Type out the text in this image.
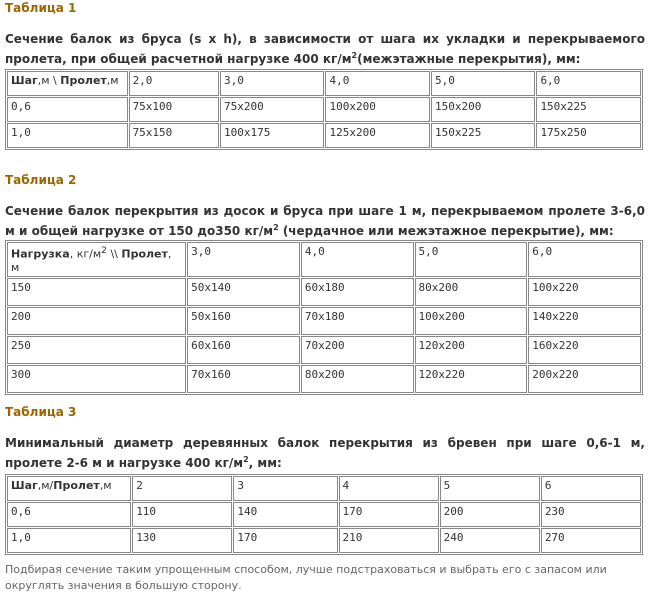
Таблица 1
Сечение балок из бруса (s x h), в зависимости от шага их укладки и перекрываемого пролета, при общей расчетной нагрузке 400 $кг/м^2(межэтажные$ перекрытия), мм:
Шаг,м \ Пролет,м	2,0	3,0	4,0	5,0	6,0
0,6	75x100	75x200	100x200	150x200	150x225
1,0	75x150	100x175	125x200	150x225	175x250
Таблица 2
Сечение балок перекрытия из досок и бруса при шаге 1 м, перекрываемом пролете 3-6,0 м и общей нагрузке от 150 до350 $кг/м^2$ (чердачное или межэтажное перекрытие), мм:
Нагрузка, $кг/м^2$ \\ Пролет, м	3,0	4,0	5,0	6,0
150	50x140	60x180	80x200	100x220
200	50x160	70x180	100x200	140x220
250	60x160	70x200	120x200	160x220
300	70x160	80x200	120x220	200x220
Таблица 3
Минимальный диаметр деревянных балок перекрытия из бревен при шаге 0,6-1 м, пролете 2-6 м и нагрузке 400 $кг/м^2$, мм:
Шаг,м/Пролет,м	2	3	4	5	6
0,6	110	140	170	200	230
1,0	130	170	210	240	270
Подбирая сечение таким упрощенным способом, лучше подстраховаться и выбрать его с запасом или
округлять значения в большую сторону.
